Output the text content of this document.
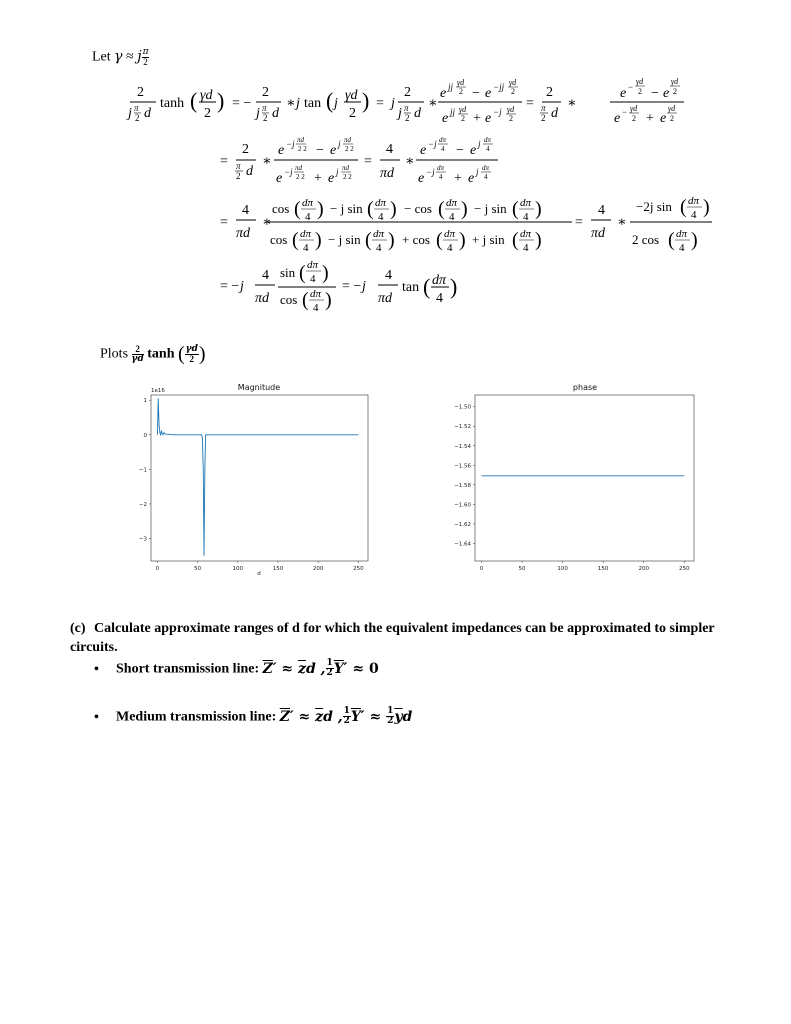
Let γ ≈ j $\frac{\pi}{2}$
2
j π
2 d
tanh ( γd
2
) = −
2
j π
2 d
∗ j tan ( j
γd
2
) = j
2
j π
2 d
∗
e jj γd
2 − e −jj γd
2
e jj γd
2 + e −j γd
2
=
2
π
2 d
∗
e −
γd
2 − e
γd
2
e − γd
2 + e
γd
2
=
2
π
2 d
∗
e −j πd
2 2 − e j πd
2 2
e −j πd
2 2 + e j πd
2 2
=
4
πd
∗
e −j dπ
4 − e j dπ
4
e −j dπ
4 + e j dπ
4
=
4
πd
∗
cos ( dπ
4 ) − j sin ( dπ
4 ) − cos ( dπ
4 ) − j sin ( dπ
4 )
cos ( dπ
4 ) − j sin ( dπ
4 ) + cos ( dπ
4 ) + j sin ( dπ
4 )
=
4
πd
∗
−2j sin ( dπ
4 )
2 cos ( dπ
4 )
= − j
4
πd
sin ( dπ
4 )
cos ( dπ
4 )
= − j
4
πd
tan ( dπ
4 )
Plots $\frac{2}{\gamma d}$ tanh ( $\frac{\gamma d}{2}$ )
Magnitude
1e16
0	50	100	150	200	250
1
0
−1
−2
−3
d
phase
0	50	100	150	200	250
−1.50
−1.52
−1.54
−1.56
−1.58
−1.60
−1.62
−1.64
(c) Calculate approximate ranges of d for which the equivalent impedances can be approximated to simpler circuits.
• Short transmission line: $\overline{Z}' \approx \overline{z}d$ , $\frac{1}{2} \overline{Y}' \approx 0$
• Medium transmission line: $\overline{Z}' \approx \overline{z}d$ , $\frac{1}{2} \overline{Y}' \approx \frac{1}{2} \overline{y}d$
